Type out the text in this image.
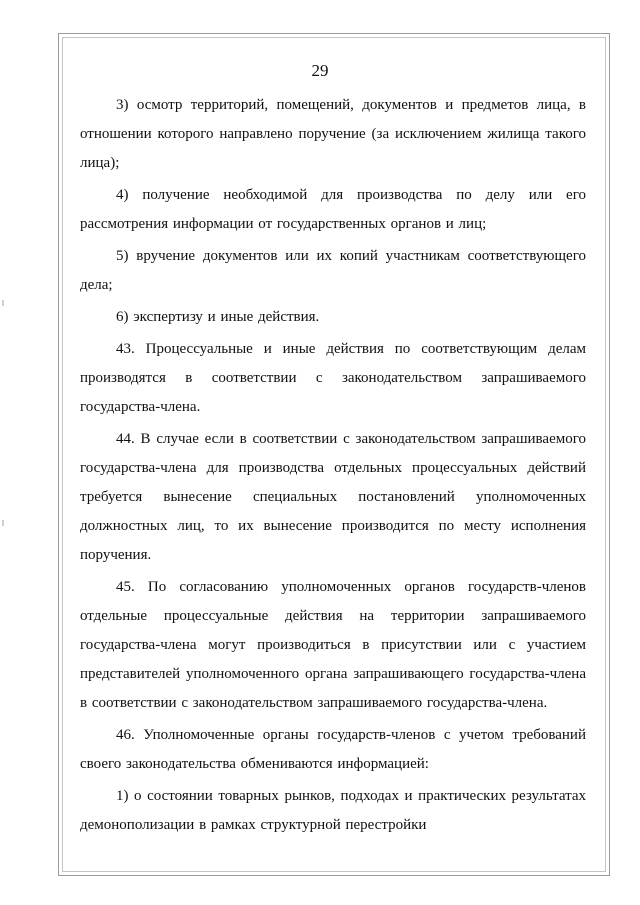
29

3) осмотр территорий, помещений, документов и предметов лица, в отношении которого направлено поручение (за исключением жилища такого лица);

4) получение необходимой для производства по делу или его рассмотрения информации от государственных органов и лиц;

5) вручение документов или их копий участникам соответствующего дела;

6) экспертизу и иные действия.

43. Процессуальные и иные действия по соответствующим делам производятся в соответствии с законодательством запрашиваемого государства-члена.

44. В случае если в соответствии с законодательством запрашиваемого государства-члена для производства отдельных процессуальных действий требуется вынесение специальных постановлений уполномоченных должностных лиц, то их вынесение производится по месту исполнения поручения.

45. По согласованию уполномоченных органов государств-членов отдельные процессуальные действия на территории запрашиваемого государства-члена могут производиться в присутствии или с участием представителей уполномоченного органа запрашивающего государства-члена в соответствии с законодательством запрашиваемого государства-члена.

46. Уполномоченные органы государств-членов с учетом требований своего законодательства обмениваются информацией:

1) о состоянии товарных рынков, подходах и практических результатах демонополизации в рамках структурной перестройки
